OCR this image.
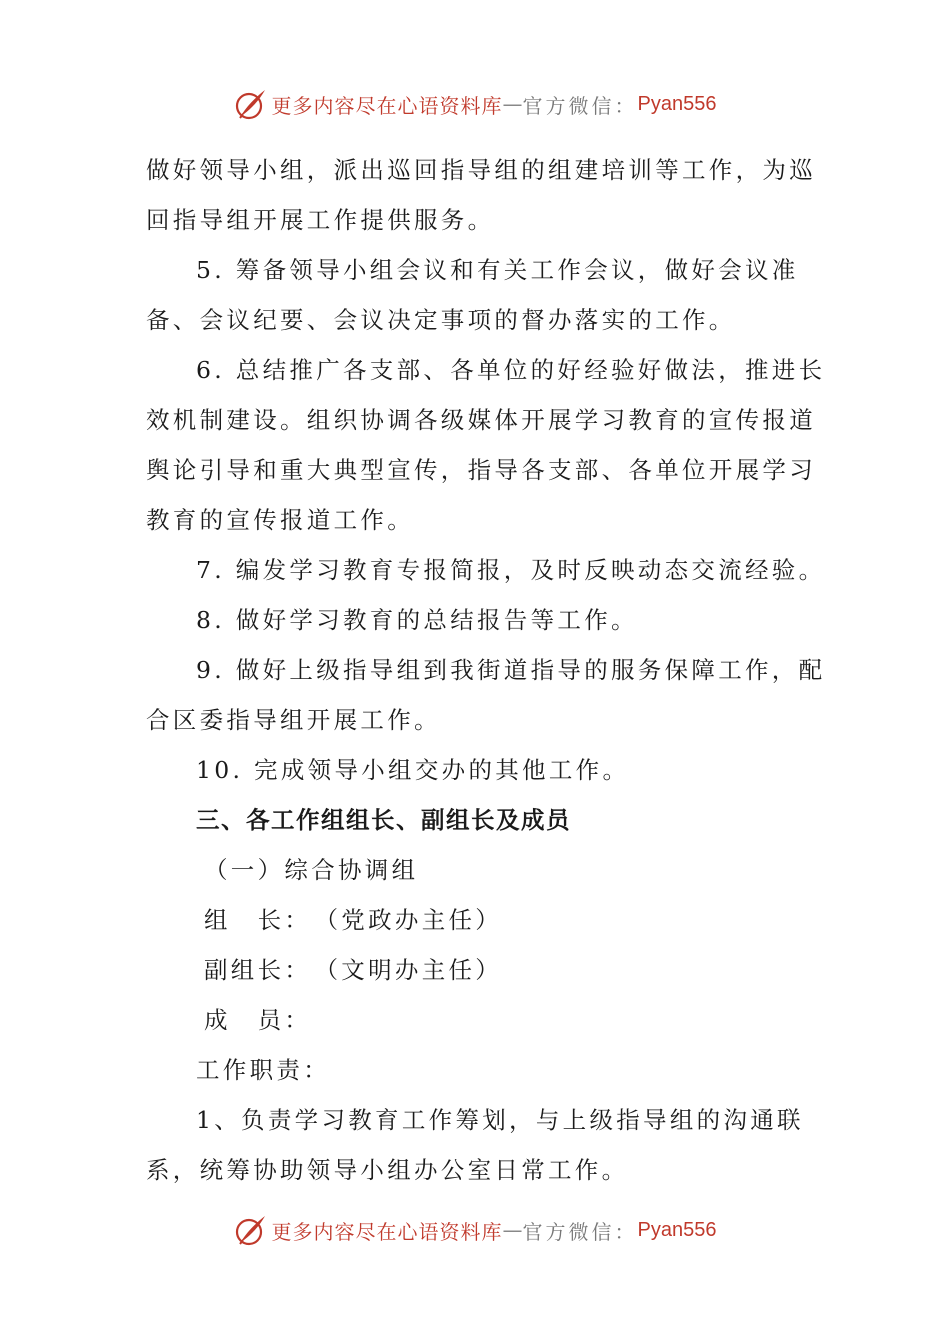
更多内容尽在心语资料库 — 官方微信： Pyan556

做好领导小组，派出巡回指导组的组建培训等工作，为巡回指导组开展工作提供服务。

5. 筹备领导小组会议和有关工作会议，做好会议准备、会议纪要、会议决定事项的督办落实的工作。

6. 总结推广各支部、各单位的好经验好做法，推进长效机制建设。组织协调各级媒体开展学习教育的宣传报道舆论引导和重大典型宣传，指导各支部、各单位开展学习教育的宣传报道工作。

7. 编发学习教育专报简报，及时反映动态交流经验。

8. 做好学习教育的总结报告等工作。

9. 做好上级指导组到我街道指导的服务保障工作，配合区委指导组开展工作。

10. 完成领导小组交办的其他工作。

三、各工作组组长、副组长及成员

（一）综合协调组

组　长：　（党政办主任）

副组长：　（文明办主任）

成　员：

工作职责：

1、负责学习教育工作筹划，与上级指导组的沟通联系，统筹协助领导小组办公室日常工作。

更多内容尽在心语资料库 — 官方微信： Pyan556
